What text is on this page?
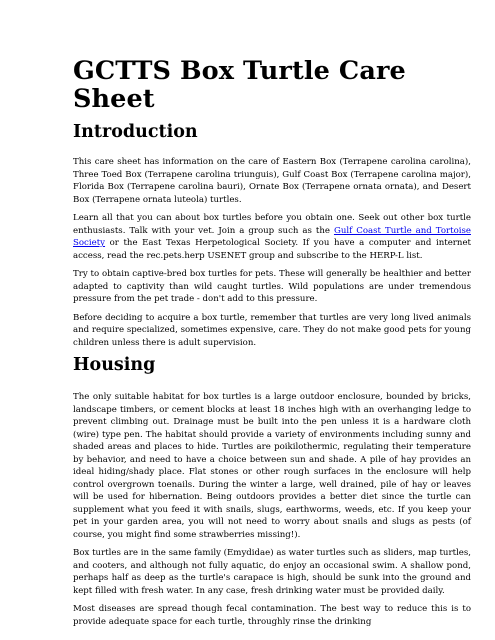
GCTTS Box Turtle Care Sheet
Introduction

This care sheet has information on the care of Eastern Box (Terrapene carolina carolina), Three Toed Box (Terrapene carolina triunguis), Gulf Coast Box (Terrapene carolina major), Florida Box (Terrapene carolina bauri), Ornate Box (Terrapene ornata ornata), and Desert Box (Terrapene ornata luteola) turtles.

Learn all that you can about box turtles before you obtain one. Seek out other box turtle enthusiasts. Talk with your vet. Join a group such as the Gulf Coast Turtle and Tortoise Society or the East Texas Herpetological Society. If you have a computer and internet access, read the rec.pets.herp USENET group and subscribe to the HERP-L list.

Try to obtain captive-bred box turtles for pets. These will generally be healthier and better adapted to captivity than wild caught turtles. Wild populations are under tremendous pressure from the pet trade - don't add to this pressure.

Before deciding to acquire a box turtle, remember that turtles are very long lived animals and require specialized, sometimes expensive, care. They do not make good pets for young children unless there is adult supervision.

Housing

The only suitable habitat for box turtles is a large outdoor enclosure, bounded by bricks, landscape timbers, or cement blocks at least 18 inches high with an overhanging ledge to prevent climbing out. Drainage must be built into the pen unless it is a hardware cloth (wire) type pen. The habitat should provide a variety of environments including sunny and shaded areas and places to hide. Turtles are poikilothermic, regulating their temperature by behavior, and need to have a choice between sun and shade. A pile of hay provides an ideal hiding/shady place. Flat stones or other rough surfaces in the enclosure will help control overgrown toenails. During the winter a large, well drained, pile of hay or leaves will be used for hibernation. Being outdoors provides a better diet since the turtle can supplement what you feed it with snails, slugs, earthworms, weeds, etc. If you keep your pet in your garden area, you will not need to worry about snails and slugs as pests (of course, you might find some strawberries missing!).

Box turtles are in the same family (Emydidae) as water turtles such as sliders, map turtles, and cooters, and although not fully aquatic, do enjoy an occasional swim. A shallow pond, perhaps half as deep as the turtle's carapace is high, should be sunk into the ground and kept filled with fresh water. In any case, fresh drinking water must be provided daily.

Most diseases are spread though fecal contamination. The best way to reduce this is to provide adequate space for each turtle, throughly rinse the drinking
